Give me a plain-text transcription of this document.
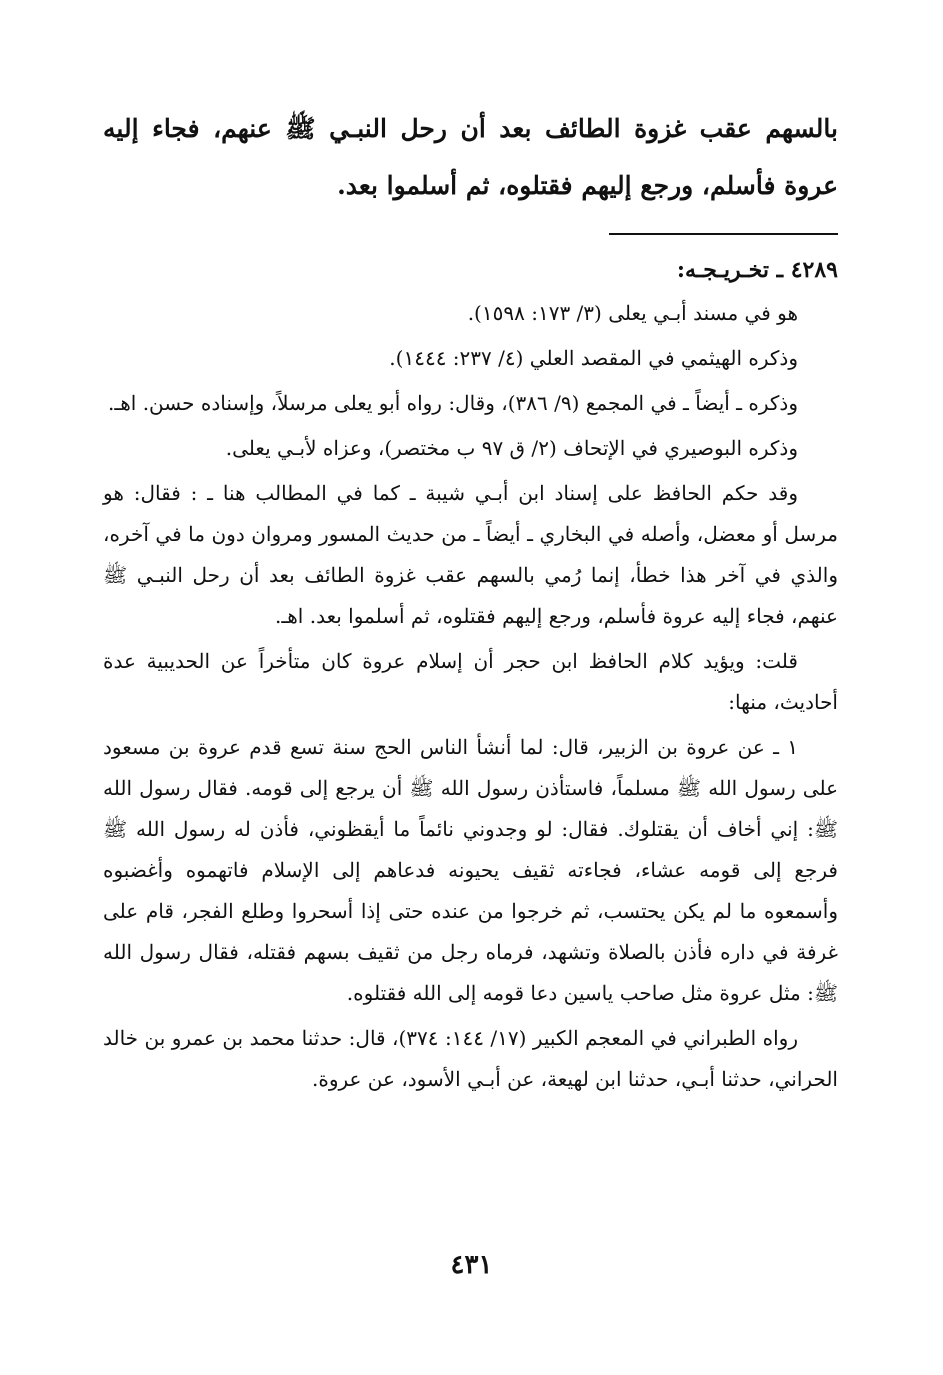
بالسهم عقب غزوة الطائف بعد أن رحل النبـي ﷺ عنهم، فجاء إليه عروة فأسلم، ورجع إليهم فقتلوه، ثم أسلموا بعد.

٤٢٨٩ ـ تخـريـجـه:

هو في مسند أبـي يعلى (٣/ ١٧٣: ١٥٩٨).

وذكره الهيثمي في المقصد العلي (٤/ ٢٣٧: ١٤٤٤).

وذكره ـ أيضاً ـ في المجمع (٩/ ٣٨٦)، وقال: رواه أبو يعلى مرسلاً، وإسناده حسن. اهـ.

وذكره البوصيري في الإتحاف (٢/ ق ٩٧ ب مختصر)، وعزاه لأبـي يعلى.

وقد حكم الحافظ على إسناد ابن أبـي شيبة ـ كما في المطالب هنا ـ : فقال: هو مرسل أو معضل، وأصله في البخاري ـ أيضاً ـ من حديث المسور ومروان دون ما في آخره، والذي في آخر هذا خطأ، إنما رُمي بالسهم عقب غزوة الطائف بعد أن رحل النبـي ﷺ عنهم، فجاء إليه عروة فأسلم، ورجع إليهم فقتلوه، ثم أسلموا بعد. اهـ.

قلت: ويؤيد كلام الحافظ ابن حجر أن إسلام عروة كان متأخراً عن الحديبية عدة أحاديث، منها:

١ ـ عن عروة بن الزبير، قال: لما أنشأ الناس الحج سنة تسع قدم عروة بن مسعود على رسول الله ﷺ مسلماً، فاستأذن رسول الله ﷺ أن يرجع إلى قومه. فقال رسول الله ﷺ: إني أخاف أن يقتلوك. فقال: لو وجدوني نائماً ما أيقظوني، فأذن له رسول الله ﷺ فرجع إلى قومه عشاء، فجاءته ثقيف يحيونه فدعاهم إلى الإسلام فاتهموه وأغضبوه وأسمعوه ما لم يكن يحتسب، ثم خرجوا من عنده حتى إذا أسحروا وطلع الفجر، قام على غرفة في داره فأذن بالصلاة وتشهد، فرماه رجل من ثقيف بسهم فقتله، فقال رسول الله ﷺ: مثل عروة مثل صاحب ياسين دعا قومه إلى الله فقتلوه.

رواه الطبراني في المعجم الكبير (١٧/ ١٤٤: ٣٧٤)، قال: حدثنا محمد بن عمرو بن خالد الحراني، حدثنا أبـي، حدثنا ابن لهيعة، عن أبـي الأسود، عن عروة.

٤٣١
